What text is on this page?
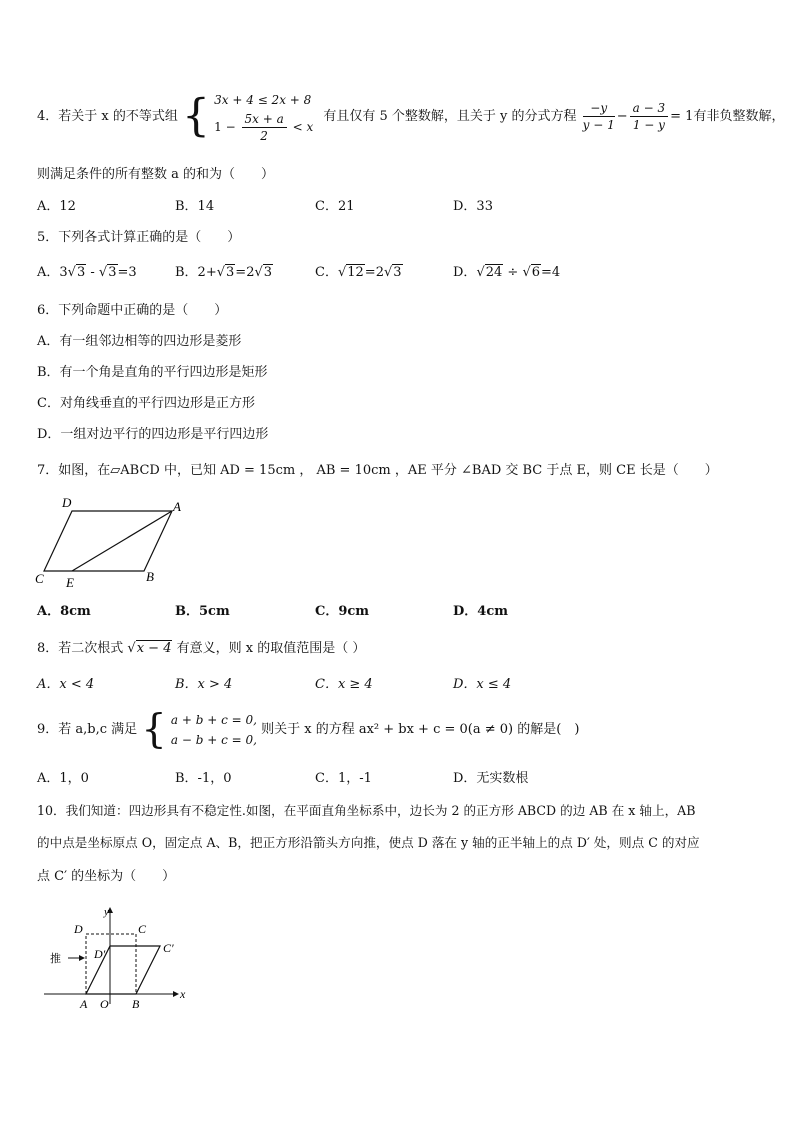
4．若关于 x 的不等式组 { 3x + 4 ≤ 2x + 8
$1 - \frac{5x + a}{2} < x$
有且仅有 5 个整数解，且关于 y 的分式方程 $\frac{-y}{y - 1} - \frac{a - 3}{1 - y} = 1$有非负整数解，
则满足条件的所有整数 a 的和为（　　）
A．12	B．14	C．21	D．33
5．下列各式计算正确的是（　　）
A．3√3 - √3=3	B．2+√3=2√3	C．√12=2√3	D．√24 ÷ √6=4
6．下列命题中正确的是（　　）
A．有一组邻边相等的四边形是菱形
B．有一个角是直角的平行四边形是矩形
C．对角线垂直的平行四边形是正方形
D．一组对边平行的四边形是平行四边形
7．如图，在▱ABCD 中，已知 AD = 15cm ， AB = 10cm ，AE 平分 ∠BAD 交 BC 于点 E，则 CE 长是（　　）
D	A
C E	B
A．8cm	B．5cm	C．9cm	D．4cm
8．若二次根式 √x − 4 有意义，则 x 的取值范围是（ ）
A．x < 4	B．x > 4	C．x ≥ 4	D．x ≤ 4
9．若 a,b,c 满足 { a + b + c = 0,
a − b + c = 0,
则关于 x 的方程 ax² + bx + c = 0(a ≠ 0) 的解是(　)
A．1，0	B．-1，0	C．1，-1	D．无实数根
10．我们知道：四边形具有不稳定性.如图，在平面直角坐标系中，边长为 2 的正方形 ABCD 的边 AB 在 x 轴上，AB
的中点是坐标原点 O，固定点 A、B，把正方形沿箭头方向推，使点 D 落在 y 轴的正半轴上的点 D′ 处，则点 C 的对应
点 C′ 的坐标为（　　）
y
D	C
D′	C′
推
A O B
x
